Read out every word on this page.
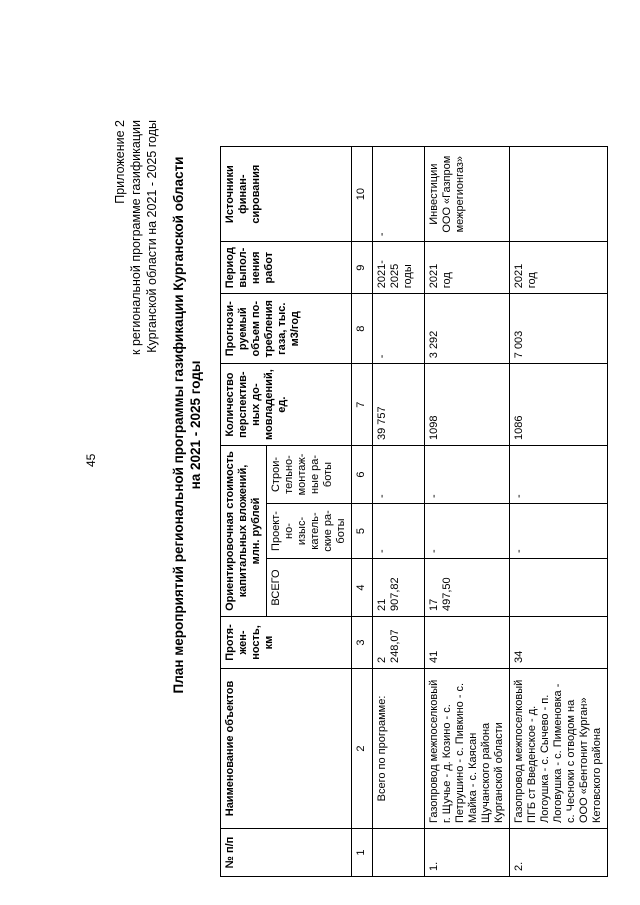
45
Приложение 2 к региональной программе газификации Курганской области на 2021 - 2025 годы План мероприятий региональной программы газификации Курганской области на 2021 - 2025 годы
№ п/п	Наименование объектов	Протя-жен-ность, км	Ориентировочная стоимость капитальных вложений, млн. рублей			Количество перспектив-ных до-мовладений, ед.	Прогнози-руемый объем по-требления газа, тыс. м3/год	Период выпол-нения работ	Источники финан-сирования
			ВСЕГО	Проект-но-изыс-катель-ские ра-боты	Строи-тельно-монтаж-ные ра-боты				
1	2	3	4	5	6	7	8	9	10
	Всего по программе:	2 248,07	21 907,82	-	-	39 757	-	2021-2025 годы	-
1.	Газопровод межпоселковый г. Щучье - д. Козино - с. Петрушино - с. Пивкино - с. Майка - с. Каясан Щучанского района Курганской области	41	17 497,50	-	-	1098	3 292	2021 год	Инвестиции ООО «Газпром межрегионгаз»
2.	Газопровод межпоселковый ПГБ ст Введенское - д. Логоушка - с. Сычево - п. Логовушка - с. Пименовка - с. Чесноки с отводом на ООО «Бентонит Курган» Кетовского района	34		-	-	1086	7 003	2021 год	
